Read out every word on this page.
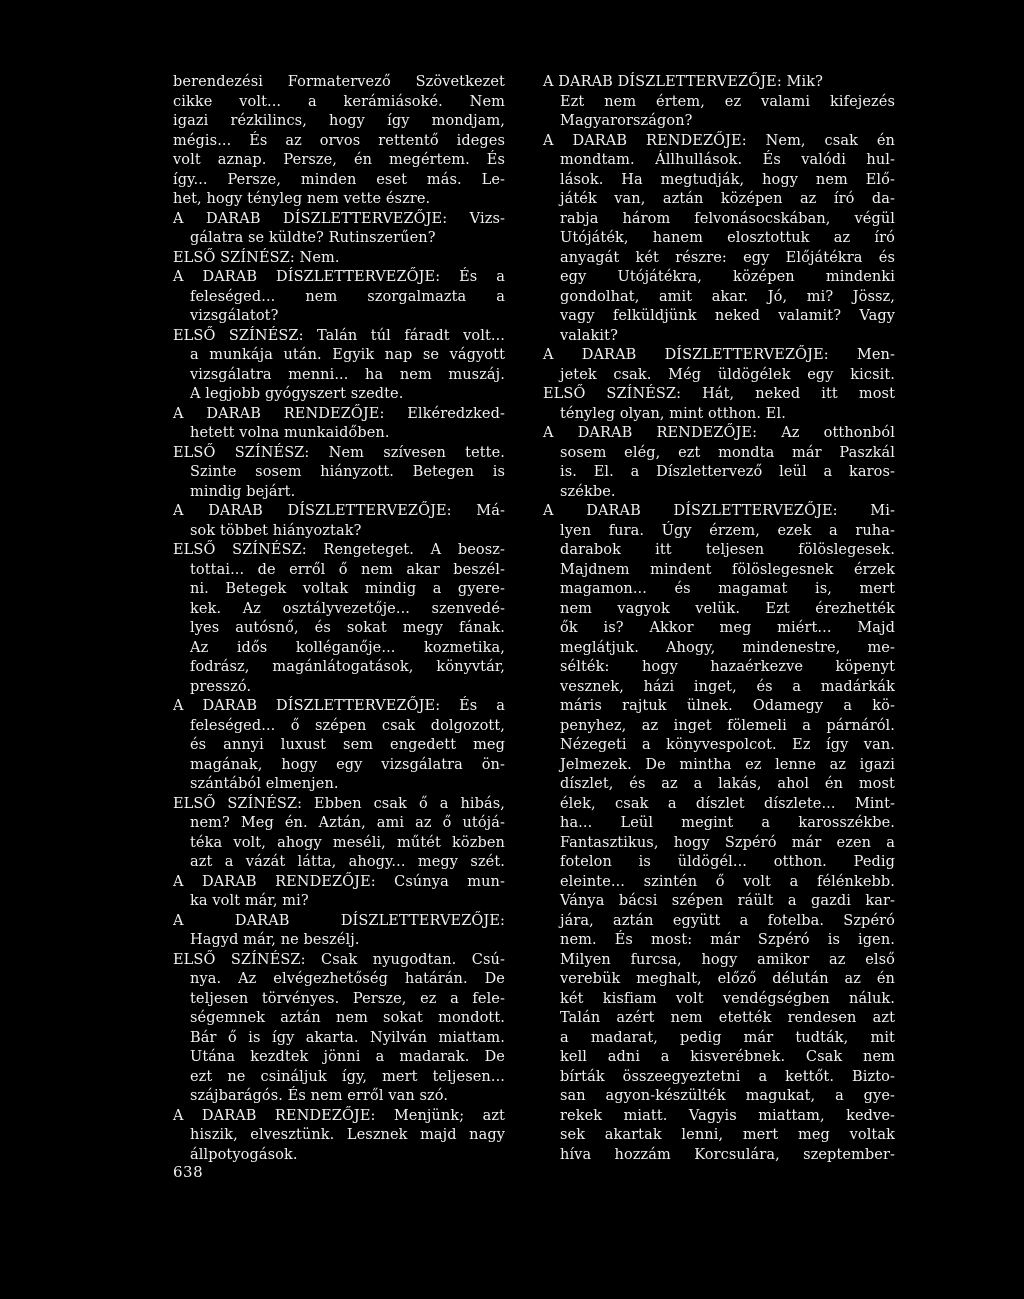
berendezési Formatervező Szövetkezet
cikke volt... a kerámiásoké. Nem
igazi rézkilincs, hogy így mondjam,
mégis... És az orvos rettentő ideges
volt aznap. Persze, én megértem. És
így... Persze, minden eset más. Le-
het, hogy tényleg nem vette észre.
A DARAB DÍSZLETTERVEZŐJE: Vizs-
gálatra se küldte? Rutinszerűen?
ELSŐ SZÍNÉSZ: Nem.
A DARAB DÍSZLETTERVEZŐJE: És a
feleséged... nem szorgalmazta a
vizsgálatot?
ELSŐ SZÍNÉSZ: Talán túl fáradt volt...
a munkája után. Egyik nap se vágyott
vizsgálatra menni... ha nem muszáj.
A legjobb gyógyszert szedte.
A DARAB RENDEZŐJE: Elkéredzked-
hetett volna munkaidőben.
ELSŐ SZÍNÉSZ: Nem szívesen tette.
Szinte sosem hiányzott. Betegen is
mindig bejárt.
A DARAB DÍSZLETTERVEZŐJE: Má-
sok többet hiányoztak?
ELSŐ SZÍNÉSZ: Rengeteget. A beosz-
tottai... de erről ő nem akar beszél-
ni. Betegek voltak mindig a gyere-
kek. Az osztályvezetője... szenvedé-
lyes autósnő, és sokat megy fának.
Az idős kolléganője... kozmetika,
fodrász, magánlátogatások, könyvtár,
presszó.
A DARAB DÍSZLETTERVEZŐJE: És a
feleséged... ő szépen csak dolgozott,
és annyi luxust sem engedett meg
magának, hogy egy vizsgálatra ön-
szántából elmenjen.
ELSŐ SZÍNÉSZ: Ebben csak ő a hibás,
nem? Meg én. Aztán, ami az ő utójá-
téka volt, ahogy meséli, műtét közben
azt a vázát látta, ahogy... megy szét.
A DARAB RENDEZŐJE: Csúnya mun-
ka volt már, mi?
A DARAB DÍSZLETTERVEZŐJE:
Hagyd már, ne beszélj.
ELSŐ SZÍNÉSZ: Csak nyugodtan. Csú-
nya. Az elvégezhetőség határán. De
teljesen törvényes. Persze, ez a fele-
ségemnek aztán nem sokat mondott.
Bár ő is így akarta. Nyilván miattam.
Utána kezdtek jönni a madarak. De
ezt ne csináljuk így, mert teljesen...
szájbarágós. És nem erről van szó.
A DARAB RENDEZŐJE: Menjünk; azt
hiszik, elvesztünk. Lesznek majd nagy
állpotyogások.
A DARAB DÍSZLETTERVEZŐJE: Mik?
Ezt nem értem, ez valami kifejezés
Magyarországon?
A DARAB RENDEZŐJE: Nem, csak én
mondtam. Állhullások. És valódi hul-
lások. Ha megtudják, hogy nem Elő-
játék van, aztán középen az író da-
rabja három felvonásocskában, végül
Utójáték, hanem elosztottuk az író
anyagát két részre: egy Előjátékra és
egy Utójátékra, középen mindenki
gondolhat, amit akar. Jó, mi? Jössz,
vagy felküldjünk neked valamit? Vagy
valakit?
A DARAB DÍSZLETTERVEZŐJE: Men-
jetek csak. Még üldögélek egy kicsit.
ELSŐ SZÍNÉSZ: Hát, neked itt most
tényleg olyan, mint otthon. El.
A DARAB RENDEZŐJE: Az otthonból
sosem elég, ezt mondta már Paszkál
is. El. a Díszlettervező leül a karos-
székbe.
A DARAB DÍSZLETTERVEZŐJE: Mi-
lyen fura. Úgy érzem, ezek a ruha-
darabok itt teljesen fölöslegesek.
Majdnem mindent fölöslegesnek érzek
magamon... és magamat is, mert
nem vagyok velük. Ezt érezhették
ők is? Akkor meg miért... Majd
meglátjuk. Ahogy, mindenestre, me-
sélték: hogy hazaérkezve köpenyt
vesznek, házi inget, és a madárkák
máris rajtuk ülnek. Odamegy a kö-
penyhez, az inget fölemeli a párnáról.
Nézegeti a könyvespolcot. Ez így van.
Jelmezek. De mintha ez lenne az igazi
díszlet, és az a lakás, ahol én most
élek, csak a díszlet díszlete... Mint-
ha... Leül megint a karosszékbe.
Fantasztikus, hogy Szpéró már ezen a
fotelon is üldögél... otthon. Pedig
eleinte... szintén ő volt a félénkebb.
Ványa bácsi szépen ráült a gazdi kar-
jára, aztán együtt a fotelba. Szpéró
nem. És most: már Szpéró is igen.
Milyen furcsa, hogy amikor az első
verebük meghalt, előző délután az én
két kisfiam volt vendégségben náluk.
Talán azért nem etették rendesen azt
a madarat, pedig már tudták, mit
kell adni a kisverébnek. Csak nem
bírták összeegyeztetni a kettőt. Bizto-
san agyon-készülték magukat, a gye-
rekek miatt. Vagyis miattam, kedve-
sek akartak lenni, mert meg voltak
híva hozzám Korcsulára, szeptember-
638
